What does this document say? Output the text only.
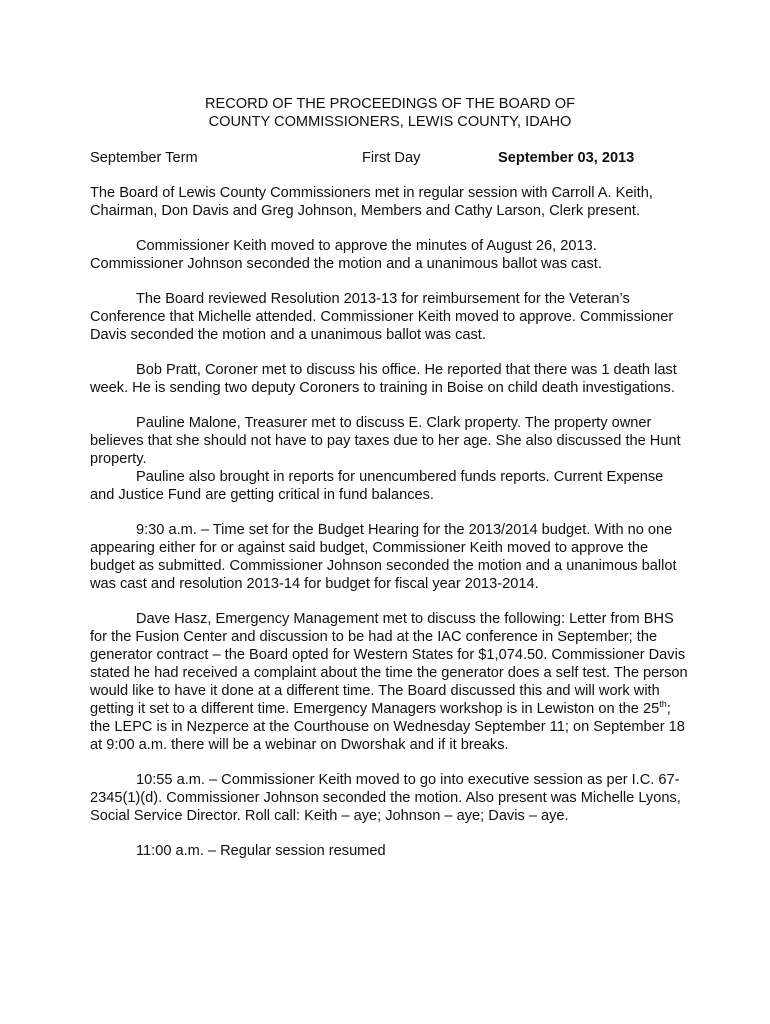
RECORD OF THE PROCEEDINGS OF THE BOARD OF
COUNTY COMMISSIONERS, LEWIS COUNTY, IDAHO
September Term	First Day	September 03, 2013

The Board of Lewis County Commissioners met in regular session with Carroll A. Keith, Chairman, Don Davis and Greg Johnson, Members and Cathy Larson, Clerk present.

Commissioner Keith moved to approve the minutes of August 26, 2013. Commissioner Johnson seconded the motion and a unanimous ballot was cast.

The Board reviewed Resolution 2013-13 for reimbursement for the Veteran’s Conference that Michelle attended. Commissioner Keith moved to approve. Commissioner Davis seconded the motion and a unanimous ballot was cast.

Bob Pratt, Coroner met to discuss his office. He reported that there was 1 death last week. He is sending two deputy Coroners to training in Boise on child death investigations.

Pauline Malone, Treasurer met to discuss E. Clark property. The property owner believes that she should not have to pay taxes due to her age. She also discussed the Hunt property.

Pauline also brought in reports for unencumbered funds reports. Current Expense and Justice Fund are getting critical in fund balances.

9:30 a.m. – Time set for the Budget Hearing for the 2013/2014 budget. With no one appearing either for or against said budget, Commissioner Keith moved to approve the budget as submitted. Commissioner Johnson seconded the motion and a unanimous ballot was cast and resolution 2013-14 for budget for fiscal year 2013-2014.

Dave Hasz, Emergency Management met to discuss the following: Letter from BHS for the Fusion Center and discussion to be had at the IAC conference in September; the generator contract – the Board opted for Western States for $1,074.50. Commissioner Davis stated he had received a complaint about the time the generator does a self test. The person would like to have it done at a different time. The Board discussed this and will work with getting it set to a different time. Emergency Managers workshop is in Lewiston on the 25th; the LEPC is in Nezperce at the Courthouse on Wednesday September 11; on September 18 at 9:00 a.m. there will be a webinar on Dworshak and if it breaks.

10:55 a.m. – Commissioner Keith moved to go into executive session as per I.C. 67-2345(1)(d). Commissioner Johnson seconded the motion. Also present was Michelle Lyons, Social Service Director. Roll call: Keith – aye; Johnson – aye; Davis – aye.

11:00 a.m. – Regular session resumed
